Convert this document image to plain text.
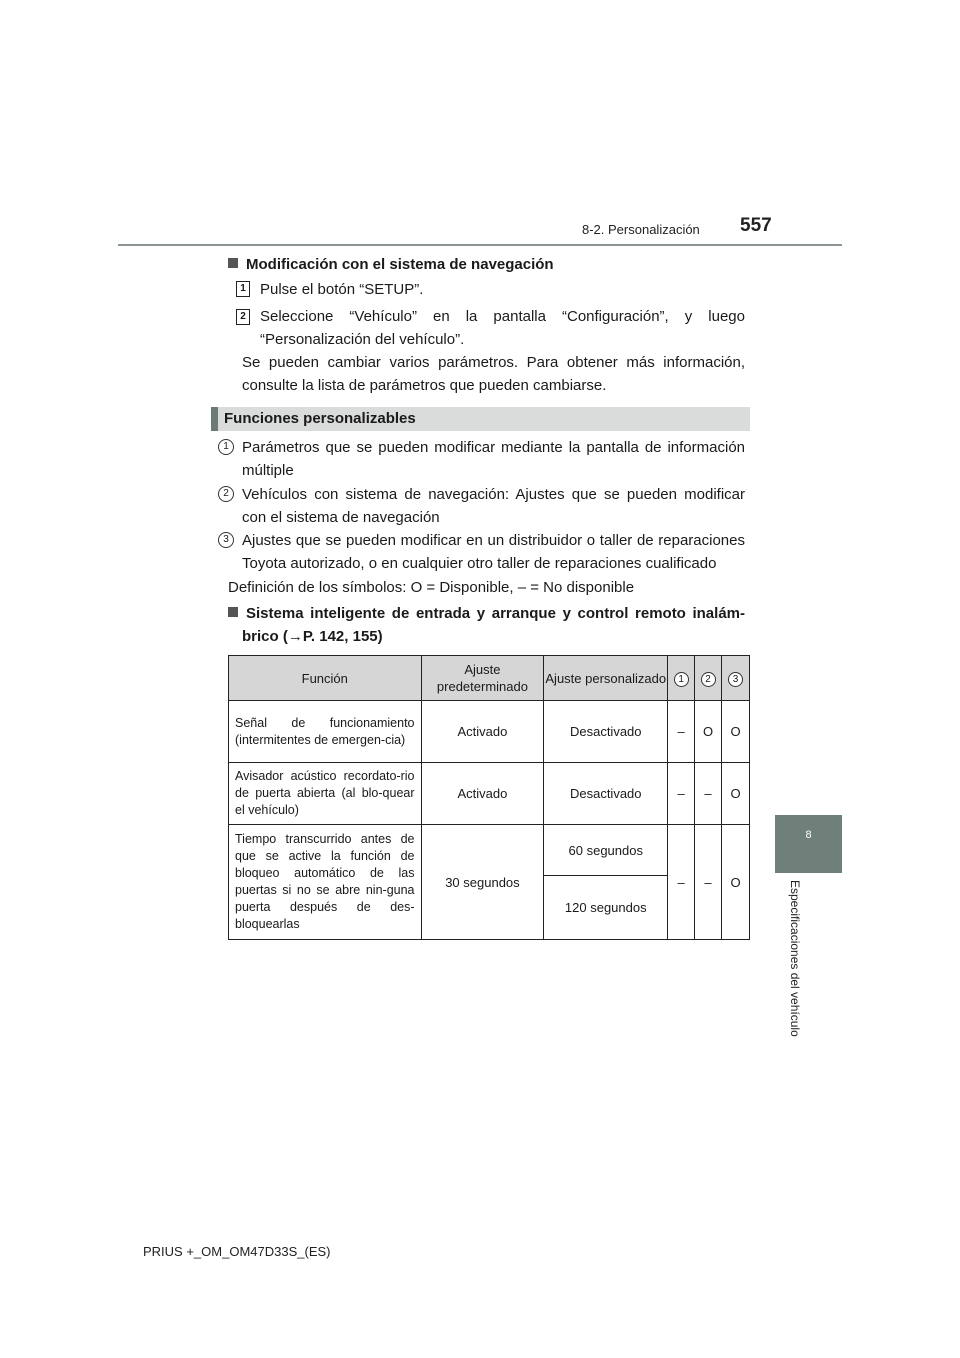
8-2. Personalización 557
8
Especificaciones del vehículo
Modificación con el sistema de navegación
1 Pulse el botón “SETUP”.
2 Seleccione “Vehículo” en la pantalla “Configuración”, y luego “Personalización del vehículo”.
Se pueden cambiar varios parámetros. Para obtener más información, consulte la lista de parámetros que pueden cambiarse.
Funciones personalizables
1 Parámetros que se pueden modificar mediante la pantalla de información múltiple
2 Vehículos con sistema de navegación: Ajustes que se pueden modificar con el sistema de navegación
3 Ajustes que se pueden modificar en un distribuidor o taller de reparaciones Toyota autorizado, o en cualquier otro taller de reparaciones cualificado
Definición de los símbolos: O = Disponible, – = No disponible
Sistema inteligente de entrada y arranque y control remoto inalám-
brico (→P. 142, 155)
Función	Ajuste predeterminado	Ajuste personalizado	1	2	3
Señal de funcionamiento (intermitentes de emergen-cia)	Activado	Desactivado	–	O	O
Avisador acústico recordato-rio de puerta abierta (al blo-quear el vehículo)	Activado	Desactivado	–	–	O
Tiempo transcurrido antes de que se active la función de bloqueo automático de las puertas si no se abre nin-guna puerta después de des-bloquearlas	30 segundos	60 segundos	–	–	O
		120 segundos			
PRIUS +_OM_OM47D33S_(ES)
